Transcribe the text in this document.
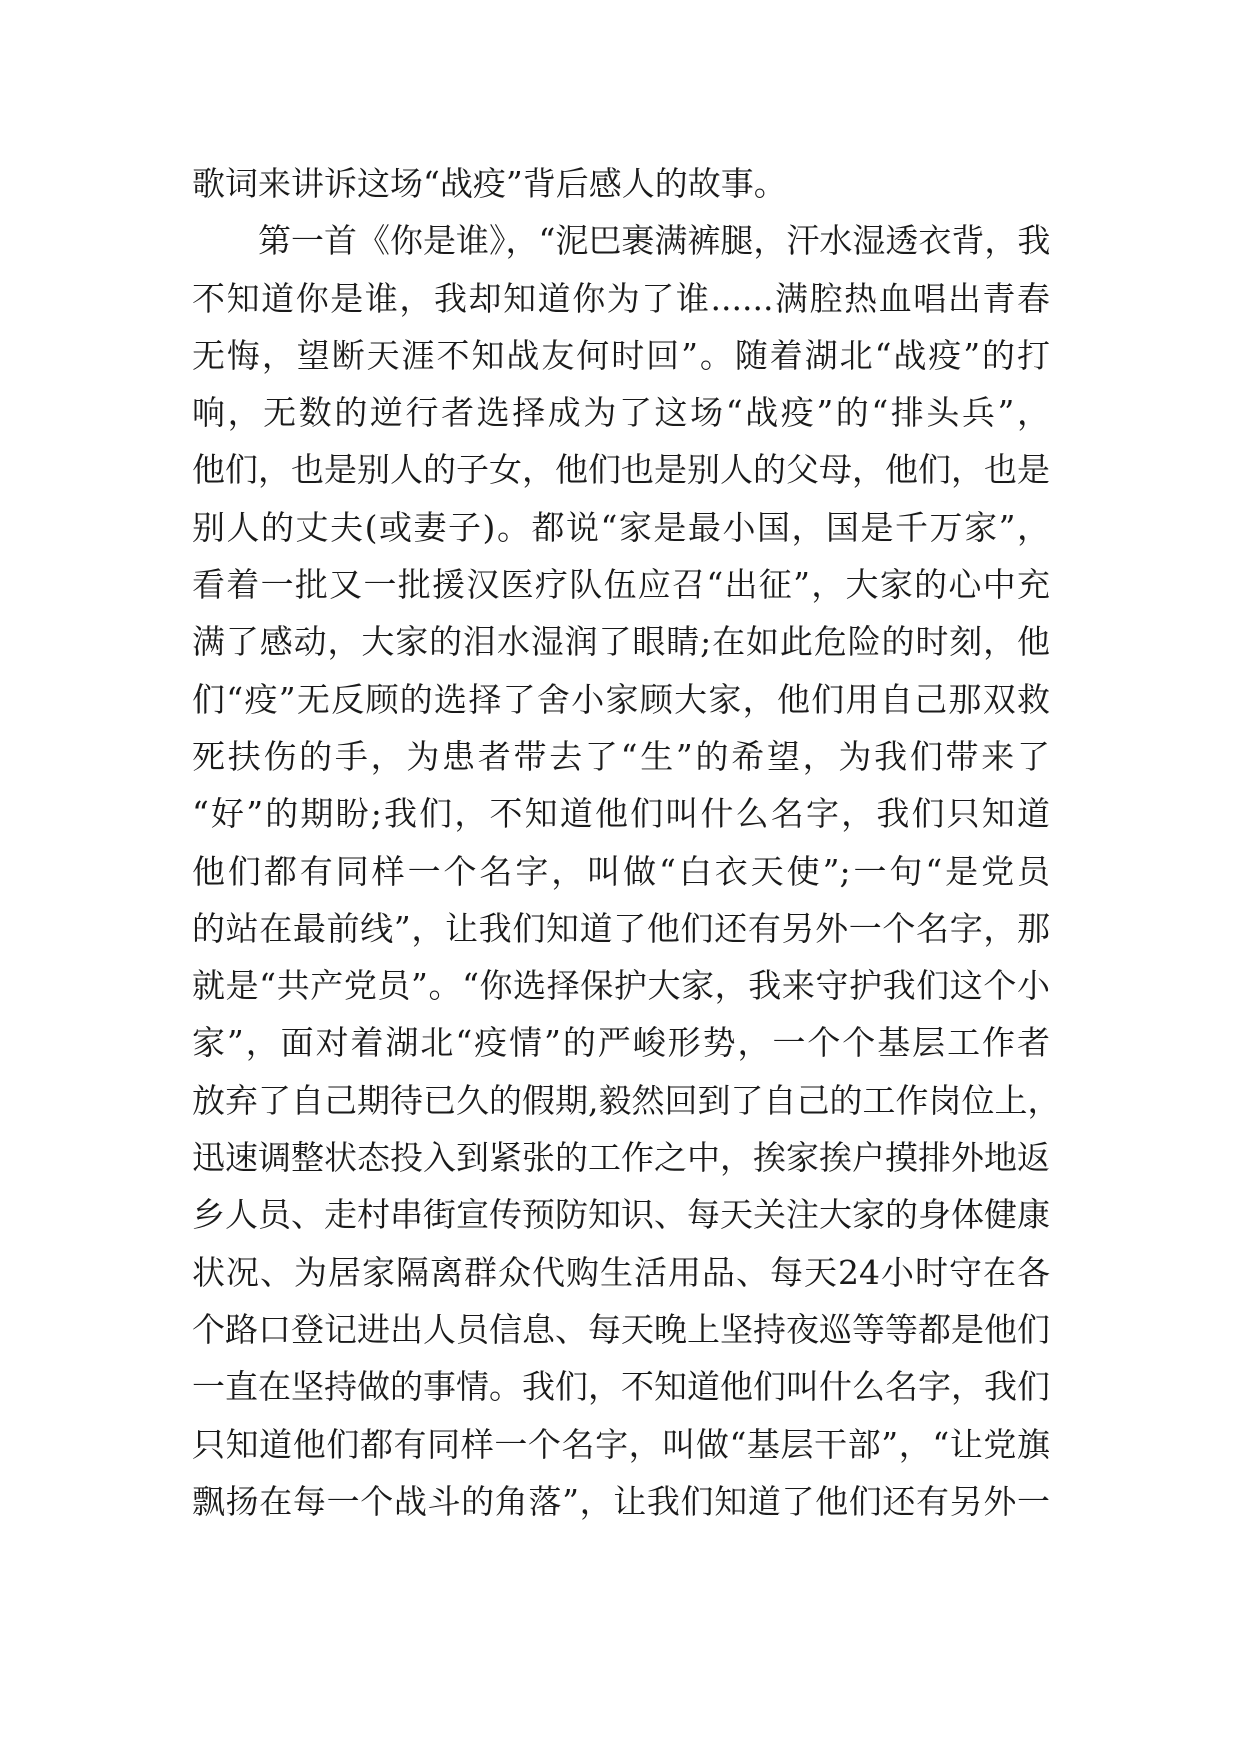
歌词来讲诉这场“战疫”背后感人的故事。
第一首《你是谁》，“泥巴裹满裤腿，汗水湿透衣背，我
不知道你是谁，我却知道你为了谁......满腔热血唱出青春
无悔，望断天涯不知战友何时回”。随着湖北“战疫”的打
响，无数的逆行者选择成为了这场“战疫”的“排头兵”，
他们，也是别人的子女，他们也是别人的父母，他们，也是
别人的丈夫(或妻子)。都说“家是最小国，国是千万家”，
看着一批又一批援汉医疗队伍应召“出征”，大家的心中充
满了感动，大家的泪水湿润了眼睛;在如此危险的时刻，他
们“疫”无反顾的选择了舍小家顾大家，他们用自己那双救
死扶伤的手，为患者带去了“生”的希望，为我们带来了
“好”的期盼;我们，不知道他们叫什么名字，我们只知道
他们都有同样一个名字，叫做“白衣天使”;一句“是党员
的站在最前线”，让我们知道了他们还有另外一个名字，那
就是“共产党员”。“你选择保护大家，我来守护我们这个小
家”，面对着湖北“疫情”的严峻形势，一个个基层工作者
放弃了自己期待已久的假期,毅然回到了自己的工作岗位上，
迅速调整状态投入到紧张的工作之中，挨家挨户摸排外地返
乡人员、走村串街宣传预防知识、每天关注大家的身体健康
状况、为居家隔离群众代购生活用品、每天24小时守在各
个路口登记进出人员信息、每天晚上坚持夜巡等等都是他们
一直在坚持做的事情。我们，不知道他们叫什么名字，我们
只知道他们都有同样一个名字，叫做“基层干部”，“让党旗
飘扬在每一个战斗的角落”，让我们知道了他们还有另外一
